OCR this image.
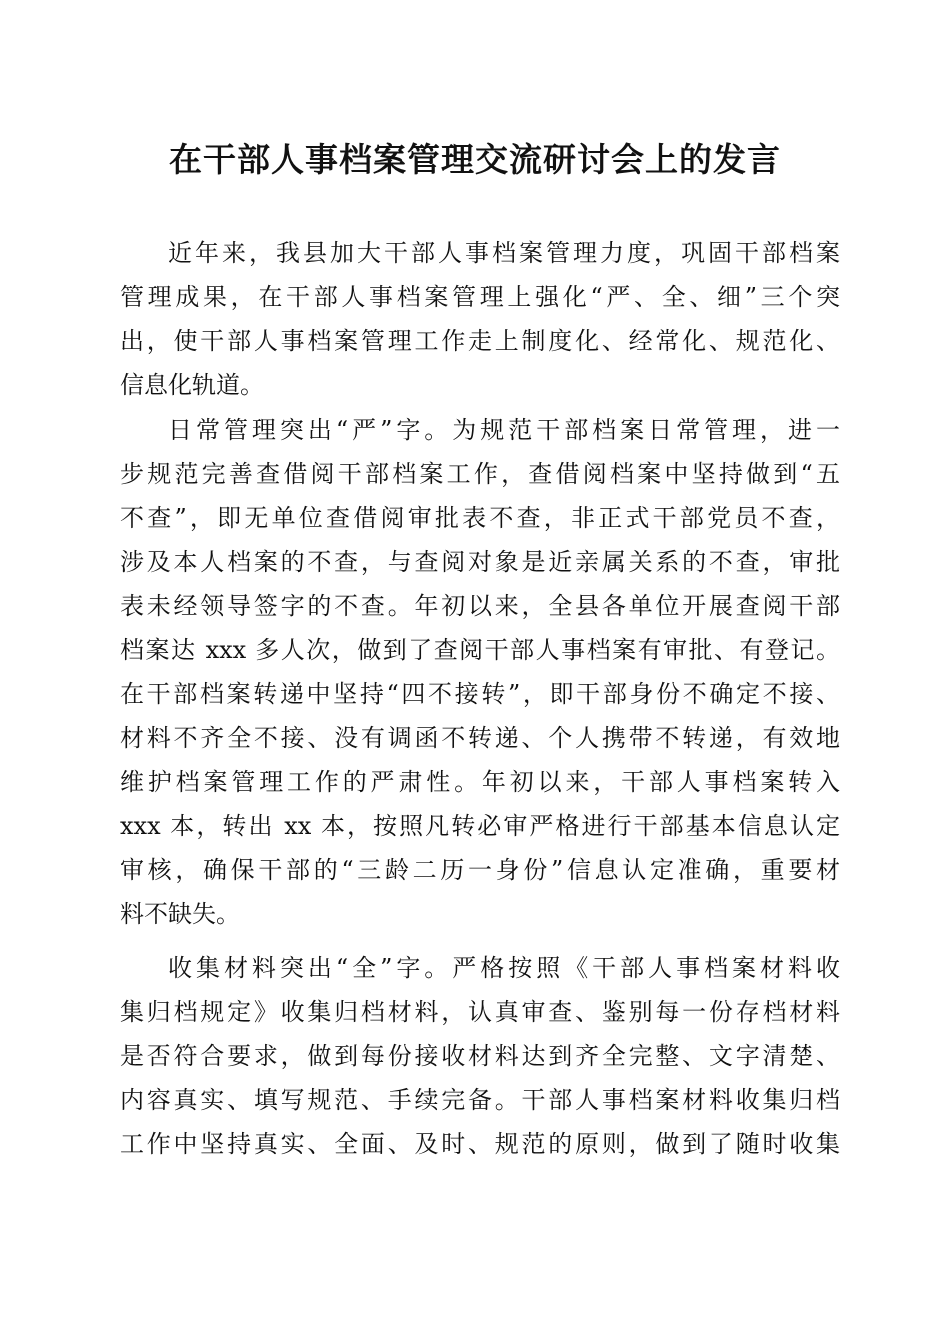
在干部人事档案管理交流研讨会上的发言
近年来，我县加大干部人事档案管理力度，巩固干部档案
管理成果，在干部人事档案管理上强化“严、全、细”三个突
出，使干部人事档案管理工作走上制度化、经常化、规范化、
信息化轨道。
日常管理突出“严”字。为规范干部档案日常管理，进一
步规范完善查借阅干部档案工作，查借阅档案中坚持做到“五
不查”，即无单位查借阅审批表不查，非正式干部党员不查，
涉及本人档案的不查，与查阅对象是近亲属关系的不查，审批
表未经领导签字的不查。年初以来，全县各单位开展查阅干部
档案达 xxx 多人次，做到了查阅干部人事档案有审批、有登记。
在干部档案转递中坚持“四不接转”，即干部身份不确定不接、
材料不齐全不接、没有调函不转递、个人携带不转递，有效地
维护档案管理工作的严肃性。年初以来，干部人事档案转入
xxx 本，转出 xx 本，按照凡转必审严格进行干部基本信息认定
审核，确保干部的“三龄二历一身份”信息认定准确，重要材
料不缺失。
收集材料突出“全”字。严格按照《干部人事档案材料收
集归档规定》收集归档材料，认真审查、鉴别每一份存档材料
是否符合要求，做到每份接收材料达到齐全完整、文字清楚、
内容真实、填写规范、手续完备。干部人事档案材料收集归档
工作中坚持真实、全面、及时、规范的原则，做到了随时收集
